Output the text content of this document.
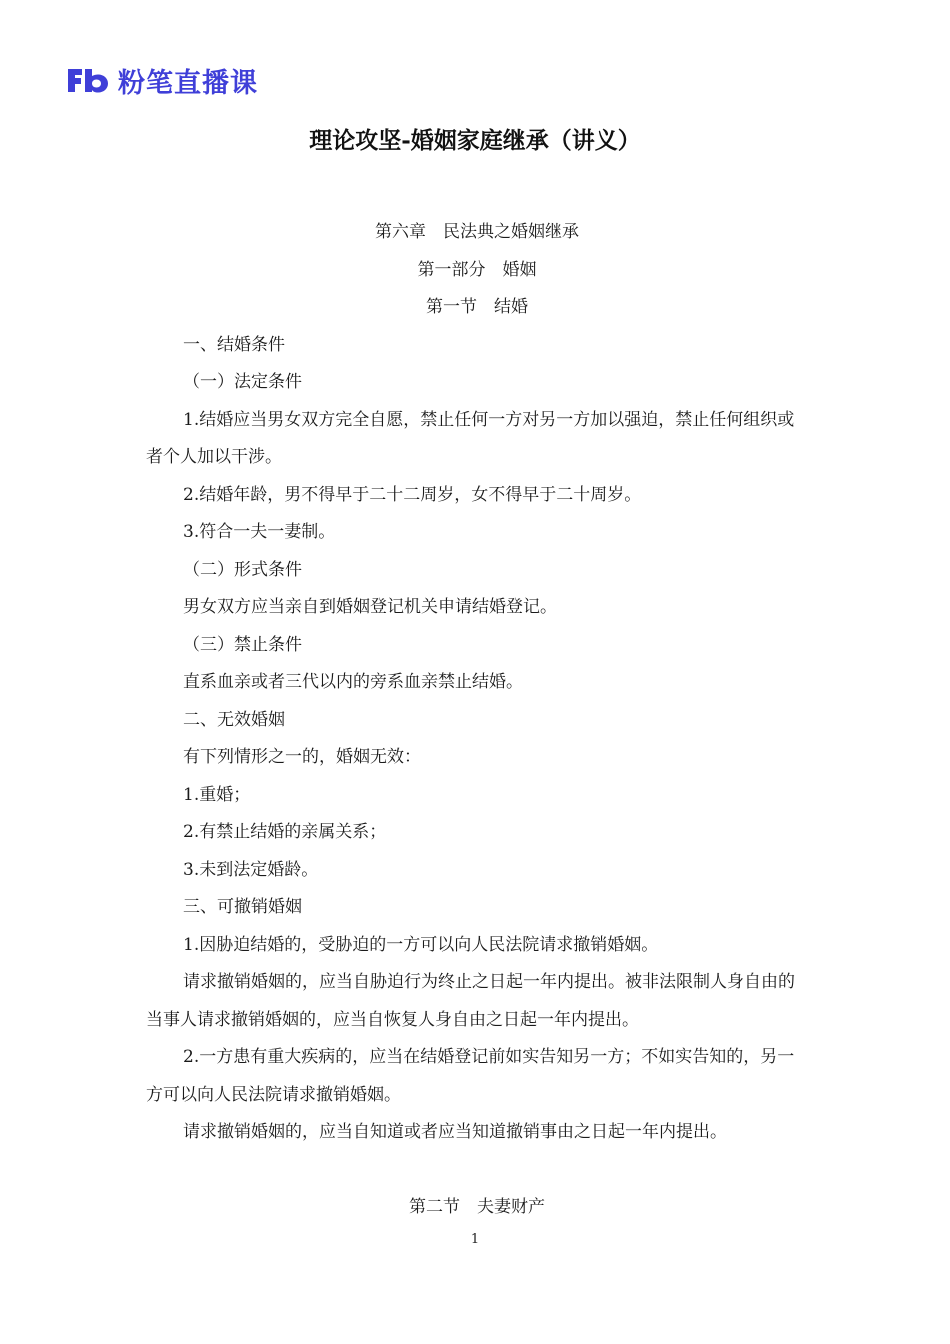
粉笔直播课
理论攻坚-婚姻家庭继承（讲义）

第六章　民法典之婚姻继承

第一部分　婚姻

第一节　结婚

一、结婚条件

（一）法定条件

1.结婚应当男女双方完全自愿，禁止任何一方对另一方加以强迫，禁止任何组织或者个人加以干涉。

2.结婚年龄，男不得早于二十二周岁，女不得早于二十周岁。

3.符合一夫一妻制。

（二）形式条件

男女双方应当亲自到婚姻登记机关申请结婚登记。

（三）禁止条件

直系血亲或者三代以内的旁系血亲禁止结婚。

二、无效婚姻

有下列情形之一的，婚姻无效：

1.重婚；

2.有禁止结婚的亲属关系；

3.未到法定婚龄。

三、可撤销婚姻

1.因胁迫结婚的，受胁迫的一方可以向人民法院请求撤销婚姻。

请求撤销婚姻的，应当自胁迫行为终止之日起一年内提出。被非法限制人身自由的当事人请求撤销婚姻的，应当自恢复人身自由之日起一年内提出。

2.一方患有重大疾病的，应当在结婚登记前如实告知另一方；不如实告知的，另一方可以向人民法院请求撤销婚姻。

请求撤销婚姻的，应当自知道或者应当知道撤销事由之日起一年内提出。

第二节　夫妻财产

1
